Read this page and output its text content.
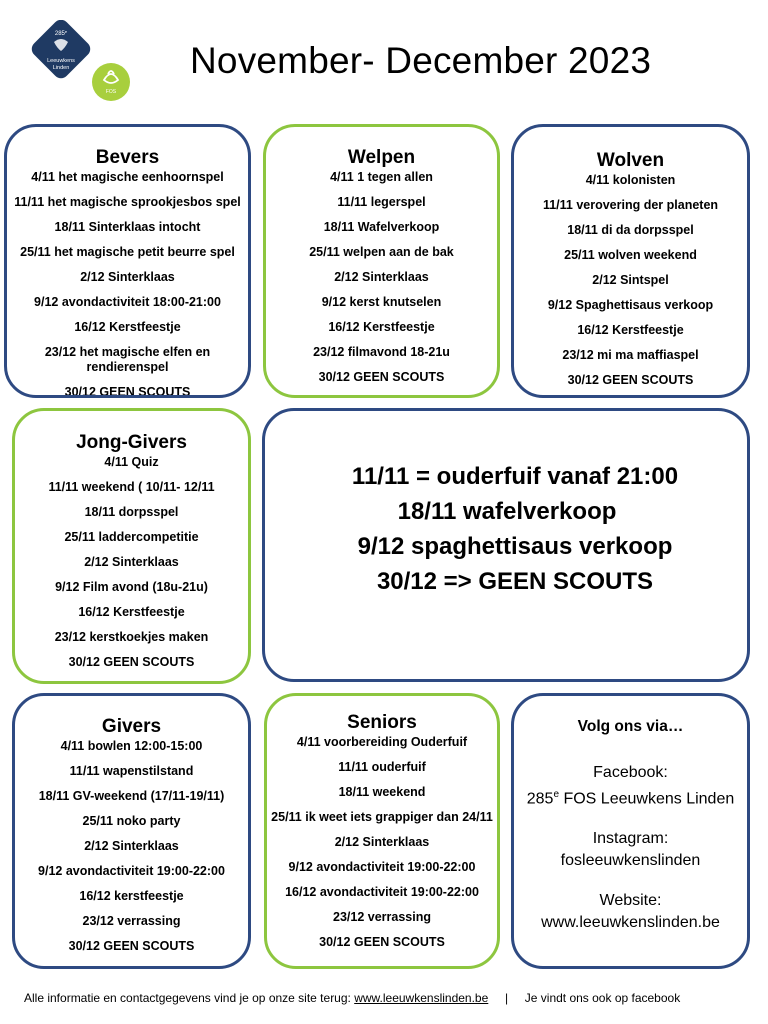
285e
Leeuwkens
Linden
FOS
November- December 2023
Bevers
4/11 het magische eenhoornspel
11/11 het magische sprookjesbos spel
18/11 Sinterklaas intocht
25/11 het magische petit beurre spel
2/12 Sinterklaas
9/12 avondactiviteit 18:00-21:00
16/12 Kerstfeestje
23/12 het magische elfen en rendierenspel
30/12 GEEN SCOUTS
Welpen
4/11 1 tegen allen
11/11 legerspel
18/11 Wafelverkoop
25/11 welpen aan de bak
2/12 Sinterklaas
9/12 kerst knutselen
16/12 Kerstfeestje
23/12 filmavond 18-21u
30/12 GEEN SCOUTS
Wolven
4/11 kolonisten
11/11 verovering der planeten
18/11 di da dorpsspel
25/11 wolven weekend
2/12 Sintspel
9/12 Spaghettisaus verkoop
16/12 Kerstfeestje
23/12 mi ma maffiaspel
30/12 GEEN SCOUTS
Jong-Givers
4/11 Quiz
11/11 weekend ( 10/11- 12/11
18/11 dorpsspel
25/11 laddercompetitie
2/12 Sinterklaas
9/12 Film avond (18u-21u)
16/12 Kerstfeestje
23/12 kerstkoekjes maken
30/12 GEEN SCOUTS
11/11 = ouderfuif vanaf 21:00
18/11 wafelverkoop
9/12 spaghettisaus verkoop
30/12 => GEEN SCOUTS
Givers
4/11 bowlen 12:00-15:00
11/11 wapenstilstand
18/11 GV-weekend (17/11-19/11)
25/11 noko party
2/12 Sinterklaas
9/12 avondactiviteit 19:00-22:00
16/12 kerstfeestje
23/12 verrassing
30/12 GEEN SCOUTS
Seniors
4/11 voorbereiding Ouderfuif
11/11 ouderfuif
18/11 weekend
25/11 ik weet iets grappiger dan 24/11
2/12 Sinterklaas
9/12 avondactiviteit 19:00-22:00
16/12 avondactiviteit 19:00-22:00
23/12 verrassing
30/12 GEEN SCOUTS
Volg ons via…
Facebook:
285e FOS Leeuwkens Linden
Instagram:
fosleeuwkenslinden
Website:
www.leeuwkenslinden.be
Alle informatie en contactgegevens vind je op onze site terug: www.leeuwkenslinden.be     |     Je vindt ons ook op facebook
